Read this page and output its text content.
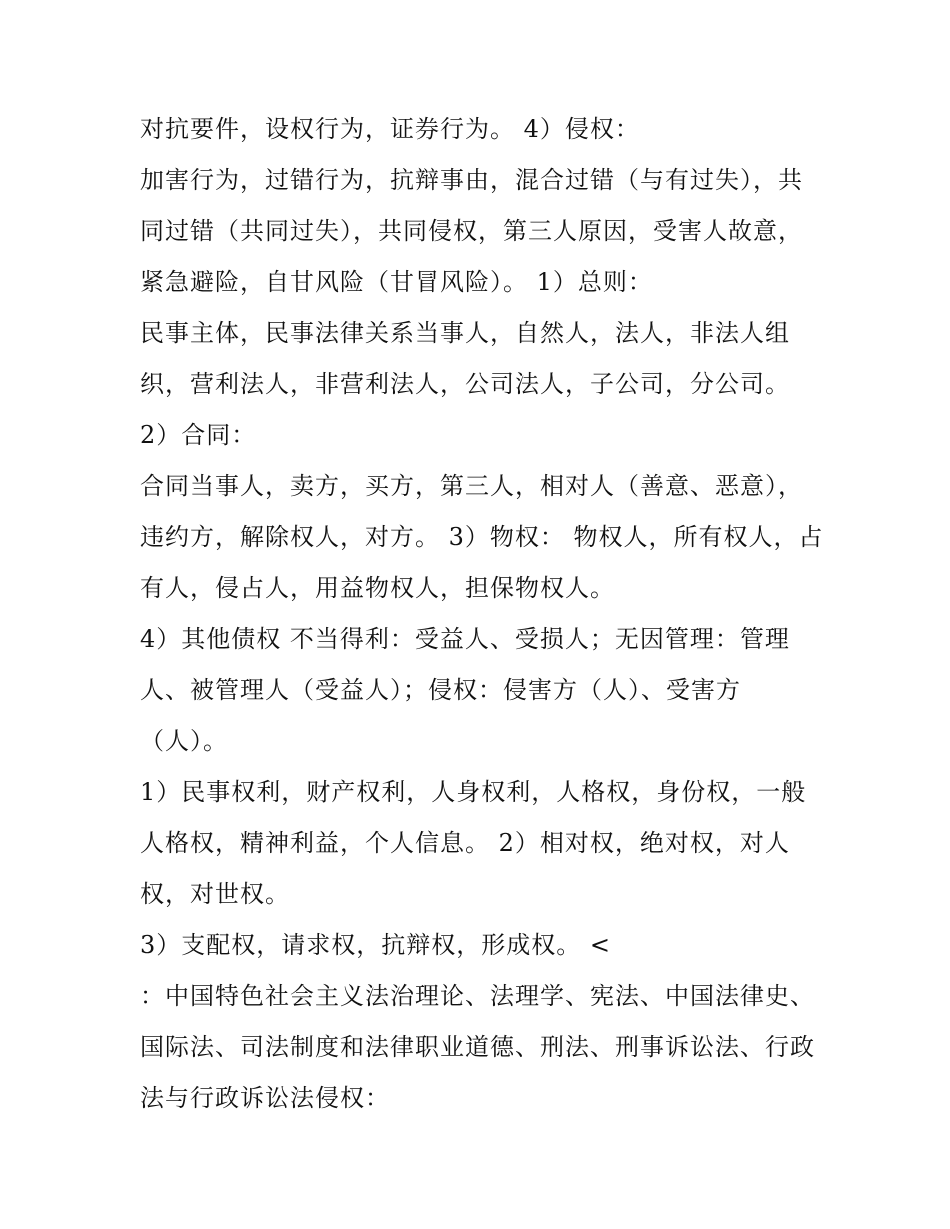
对抗要件，设权行为，证券行为。 4）侵权：
加害行为，过错行为，抗辩事由，混合过错（与有过失），共
同过错（共同过失），共同侵权，第三人原因，受害人故意，
紧急避险，自甘风险（甘冒风险）。 1）总则：
民事主体，民事法律关系当事人，自然人，法人，非法人组
织，营利法人，非营利法人，公司法人，子公司，分公司。
2）合同：
合同当事人，卖方，买方，第三人，相对人（善意、恶意），
违约方，解除权人，对方。 3）物权： 物权人，所有权人，占
有人，侵占人，用益物权人，担保物权人。
4）其他债权 不当得利：受益人、受损人；无因管理：管理
人、被管理人（受益人）；侵权：侵害方（人）、受害方
（人）。
1）民事权利，财产权利，人身权利，人格权，身份权，一般
人格权，精神利益，个人信息。 2）相对权，绝对权，对人
权，对世权。
3）支配权，请求权，抗辩权，形成权。 <
：中国特色社会主义法治理论、法理学、宪法、中国法律史、
国际法、司法制度和法律职业道德、刑法、刑事诉讼法、行政
法与行政诉讼法侵权：
